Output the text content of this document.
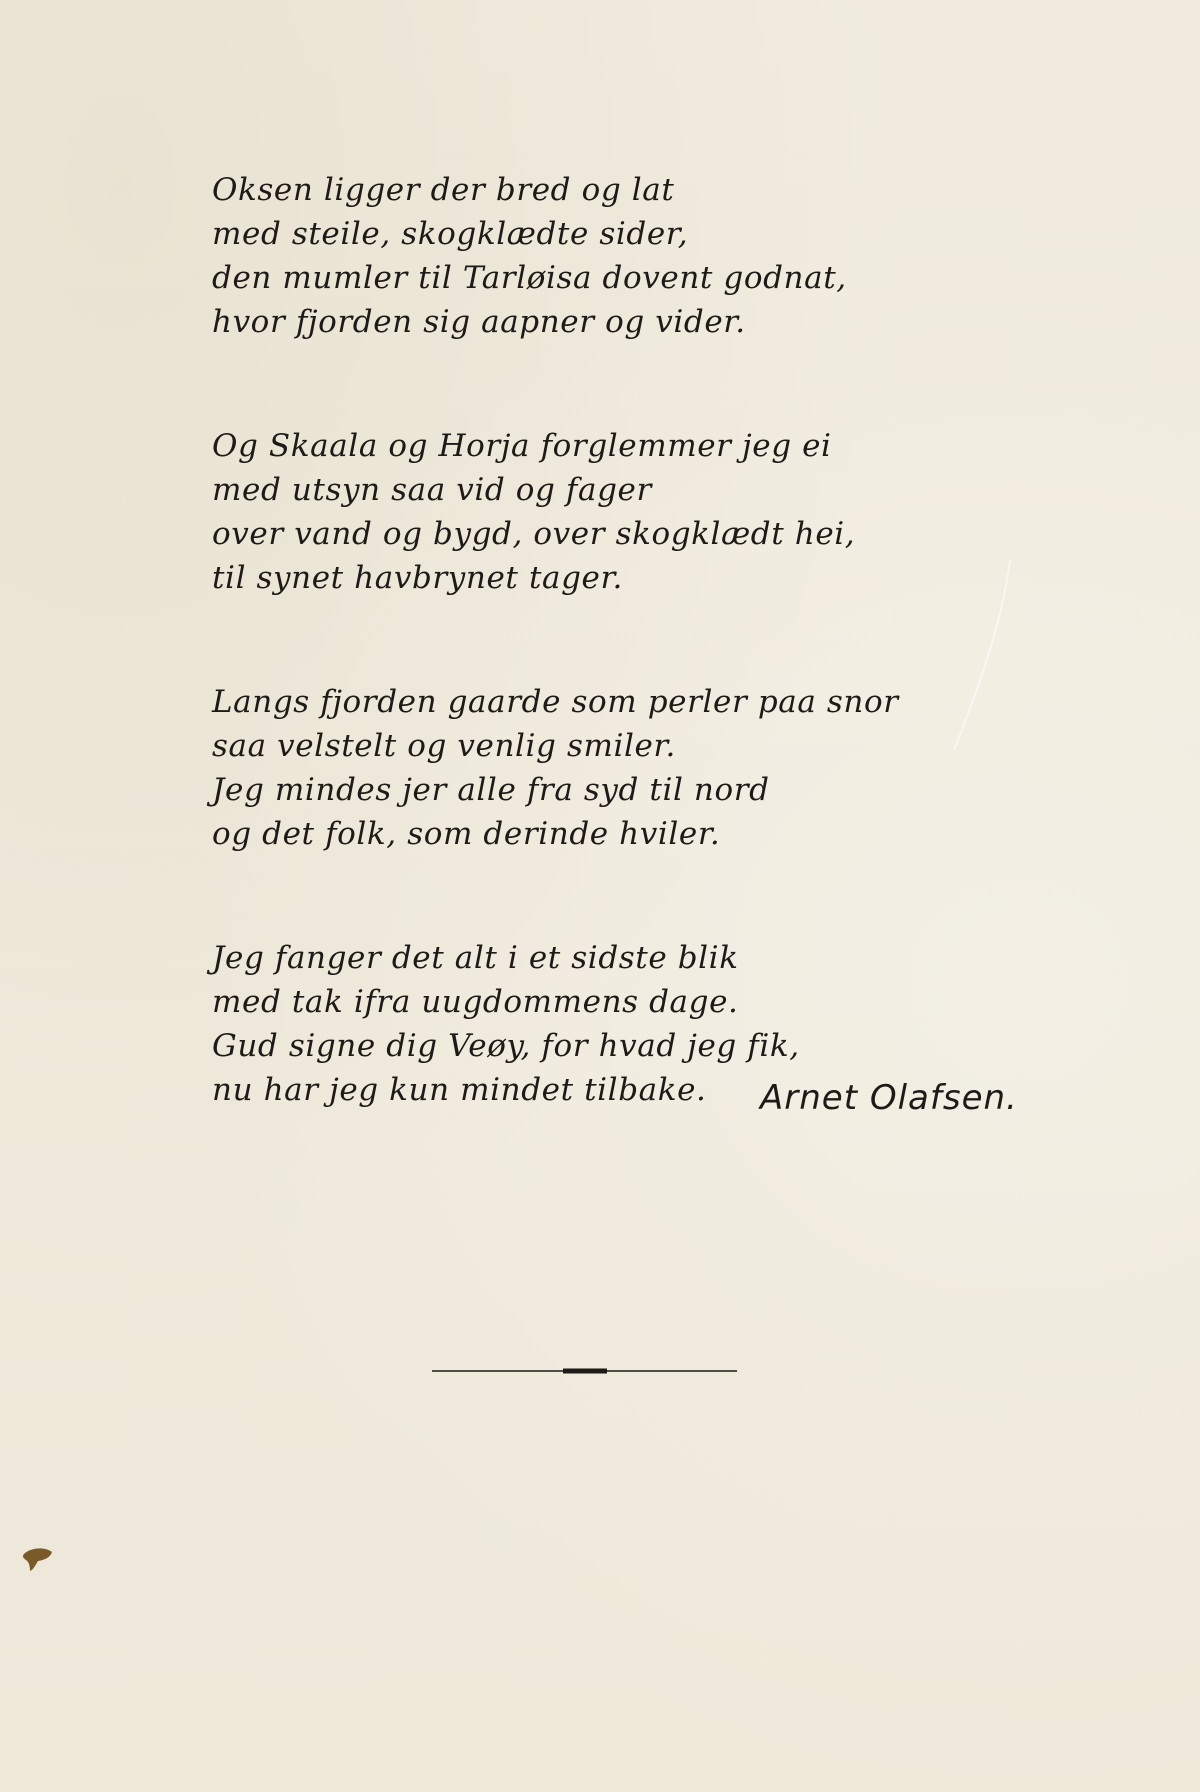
Oksen ligger der bred og lat
med steile, skogklædte sider,
den mumler til Tarløisa dovent godnat,
hvor fjorden sig aapner og vider.
Og Skaala og Horja forglemmer jeg ei
med utsyn saa vid og fager
over vand og bygd, over skogklædt hei,
til synet havbrynet tager.
Langs fjorden gaarde som perler paa snor
saa velstelt og venlig smiler.
Jeg mindes jer alle fra syd til nord
og det folk, som derinde hviler.
Jeg fanger det alt i et sidste blik
med tak ifra uugdommens dage.
Gud signe dig Veøy, for hvad jeg fik,
nu har jeg kun mindet tilbake.	Arnet Olafsen.
